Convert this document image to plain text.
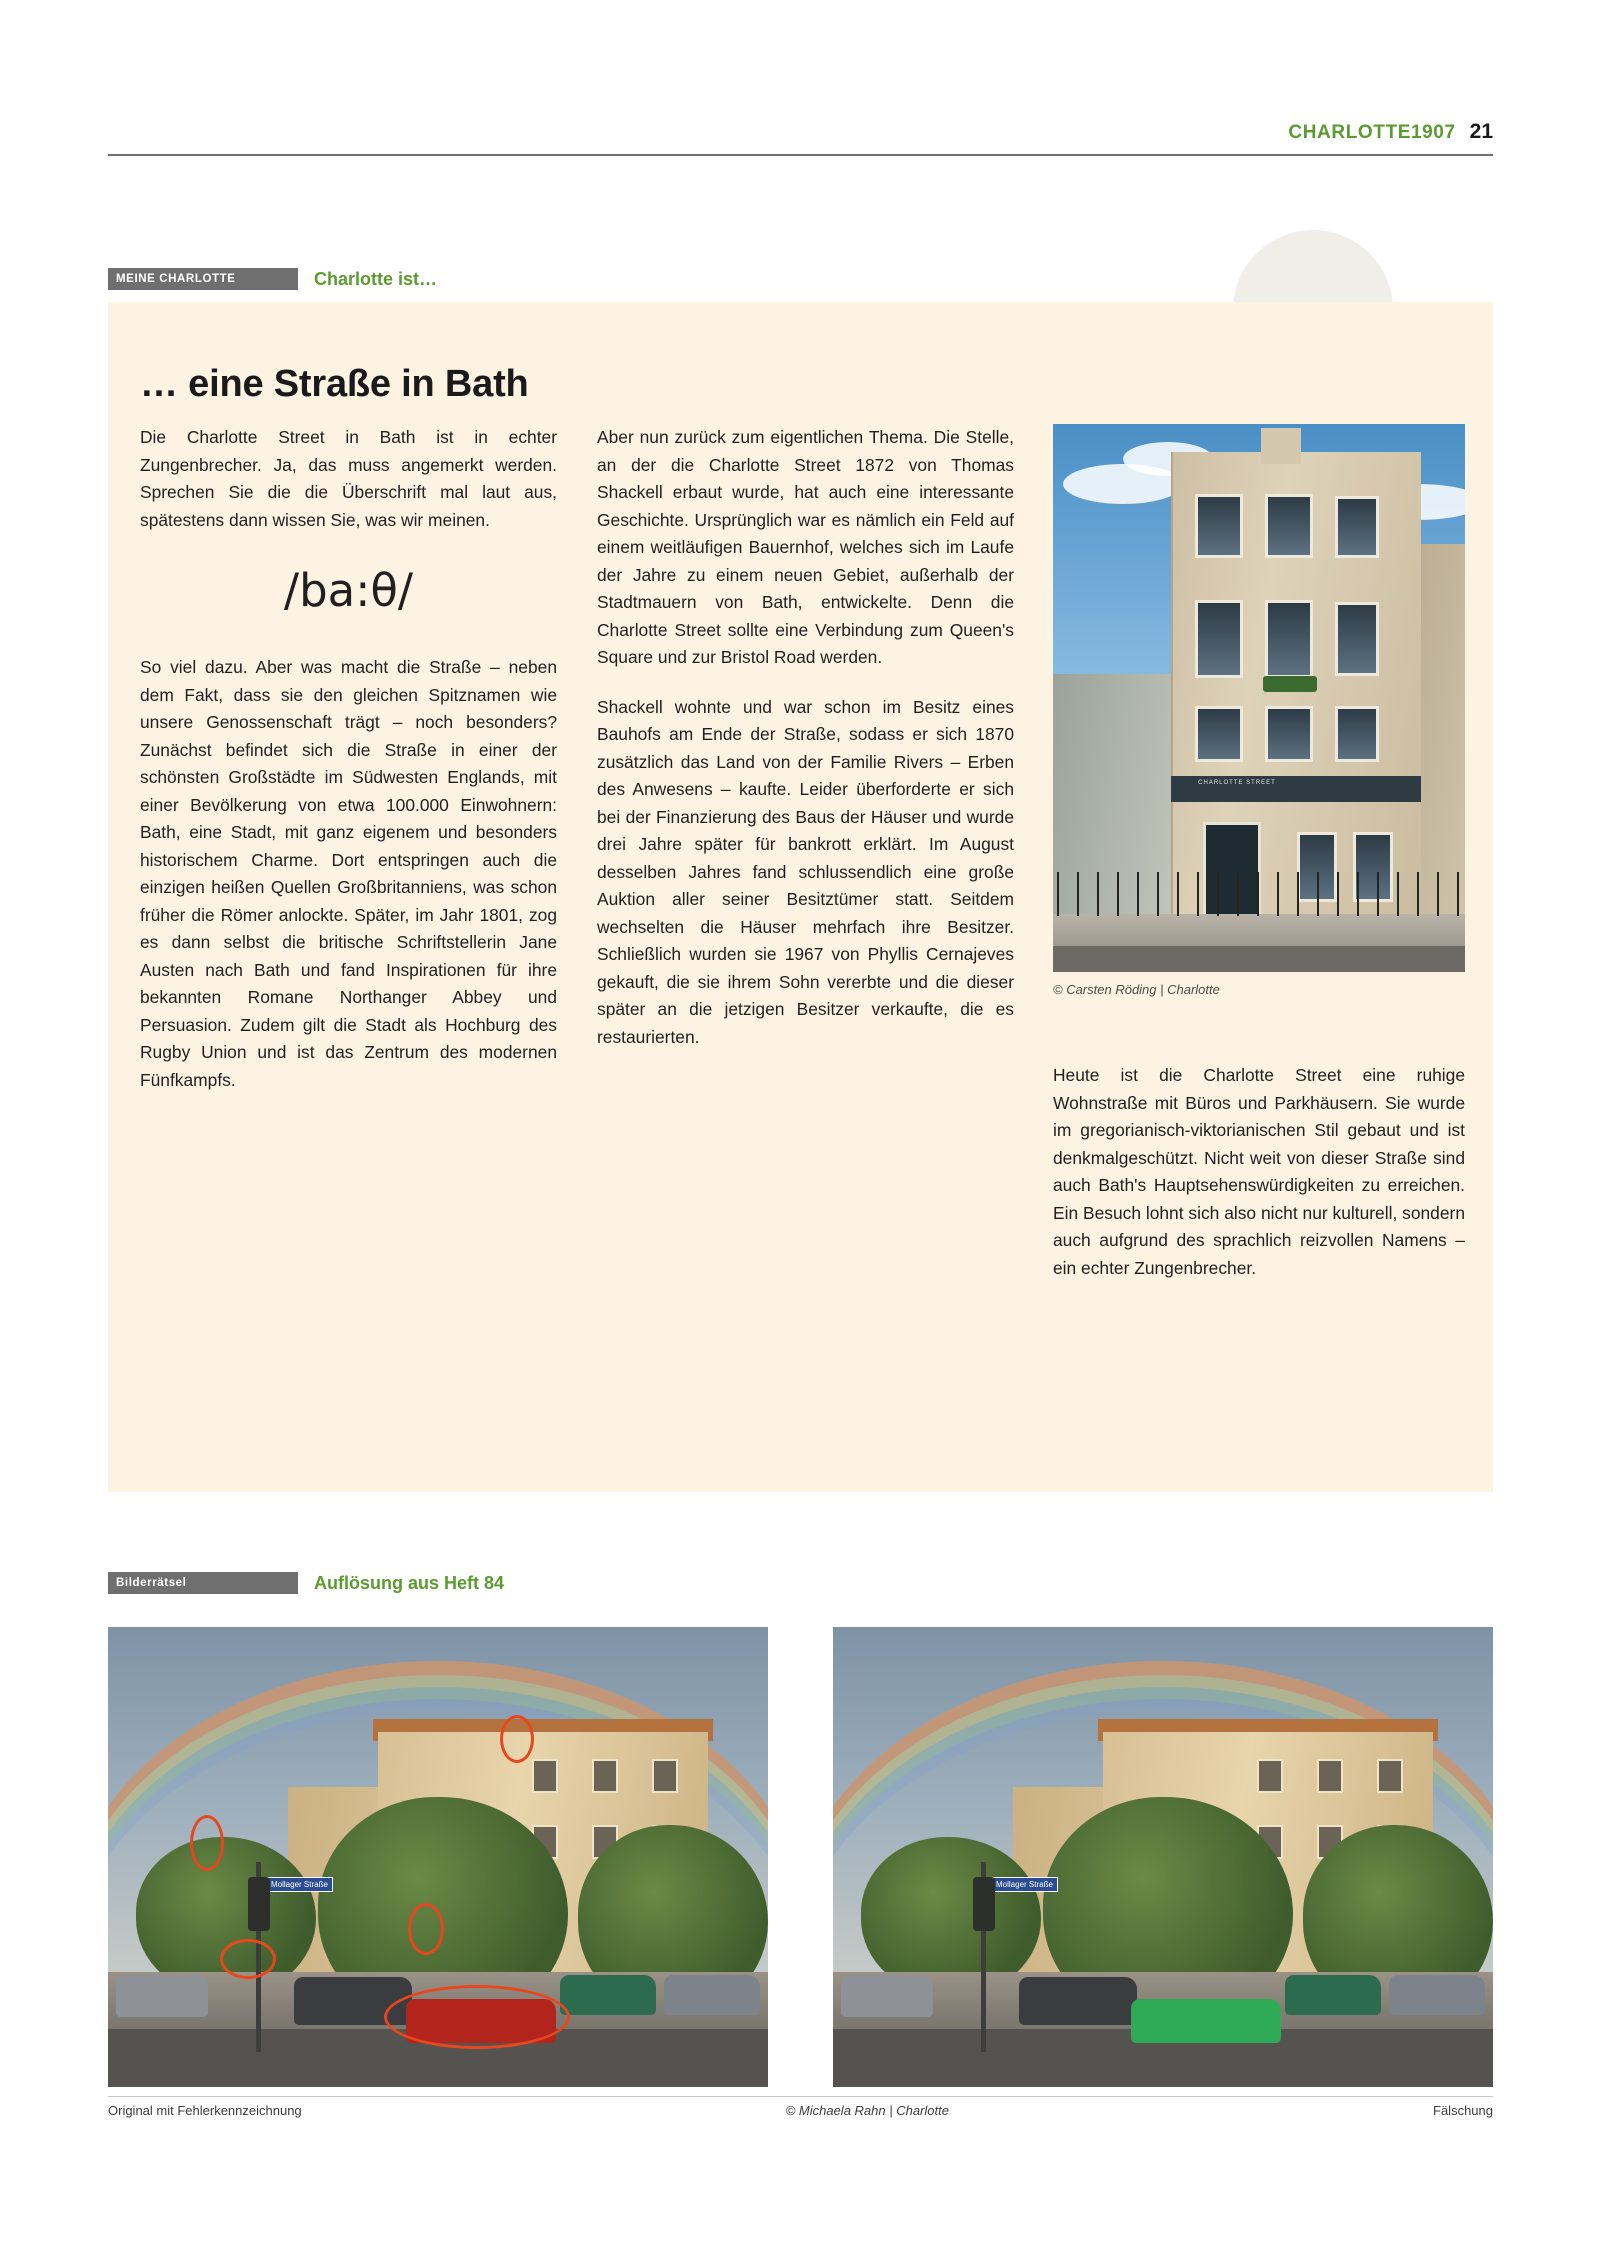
CHARLOTTE1907 21
MEINE CHARLOTTE	Charlotte ist…
… eine Straße in Bath

Die Charlotte Street in Bath ist in echter Zungenbrecher. Ja, das muss angemerkt werden. Sprechen Sie die die Überschrift mal laut aus, spätestens dann wissen Sie, was wir meinen.

/ba:θ/

So viel dazu. Aber was macht die Straße – neben dem Fakt, dass sie den gleichen Spitznamen wie unsere Genossenschaft trägt – noch besonders? Zunächst befindet sich die Straße in einer der schönsten Großstädte im Südwesten Englands, mit einer Bevölkerung von etwa 100.000 Einwohnern: Bath, eine Stadt, mit ganz eigenem und besonders historischem Charme. Dort entspringen auch die einzigen heißen Quellen Großbritanniens, was schon früher die Römer anlockte. Später, im Jahr 1801, zog es dann selbst die britische Schriftstellerin Jane Austen nach Bath und fand Inspirationen für ihre bekannten Romane Northanger Abbey und Persuasion. Zudem gilt die Stadt als Hochburg des Rugby Union und ist das Zentrum des modernen Fünfkampfs.

Aber nun zurück zum eigentlichen Thema. Die Stelle, an der die Charlotte Street 1872 von Thomas Shackell erbaut wurde, hat auch eine interessante Geschichte. Ursprünglich war es nämlich ein Feld auf einem weitläufigen Bauernhof, welches sich im Laufe der Jahre zu einem neuen Gebiet, außerhalb der Stadtmauern von Bath, entwickelte. Denn die Charlotte Street sollte eine Verbindung zum Queen's Square und zur Bristol Road werden.

Shackell wohnte und war schon im Besitz eines Bauhofs am Ende der Straße, sodass er sich 1870 zusätzlich das Land von der Familie Rivers – Erben des Anwesens – kaufte. Leider überforderte er sich bei der Finanzierung des Baus der Häuser und wurde drei Jahre später für bankrott erklärt. Im August desselben Jahres fand schlussendlich eine große Auktion aller seiner Besitztümer statt. Seitdem wechselten die Häuser mehrfach ihre Besitzer. Schließlich wurden sie 1967 von Phyllis Cernajeves gekauft, die sie ihrem Sohn vererbte und die dieser später an die jetzigen Besitzer verkaufte, die es restaurierten.

Heute ist die Charlotte Street eine ruhige Wohnstraße mit Büros und Parkhäusern. Sie wurde im gregorianisch-viktorianischen Stil gebaut und ist denkmalgeschützt. Nicht weit von dieser Straße sind auch Bath's Hauptsehenswürdigkeiten zu erreichen. Ein Besuch lohnt sich also nicht nur kulturell, sondern auch aufgrund des sprachlich reizvollen Namens – ein echter Zungenbrecher.

CHARLOTTE STREET
© Carsten Röding | Charlotte
Bilderrätsel	Auflösung aus Heft 84
Mollager Straße	Mollager Straße
Original mit Fehlerkennzeichnung	© Michaela Rahn | Charlotte	Fälschung
